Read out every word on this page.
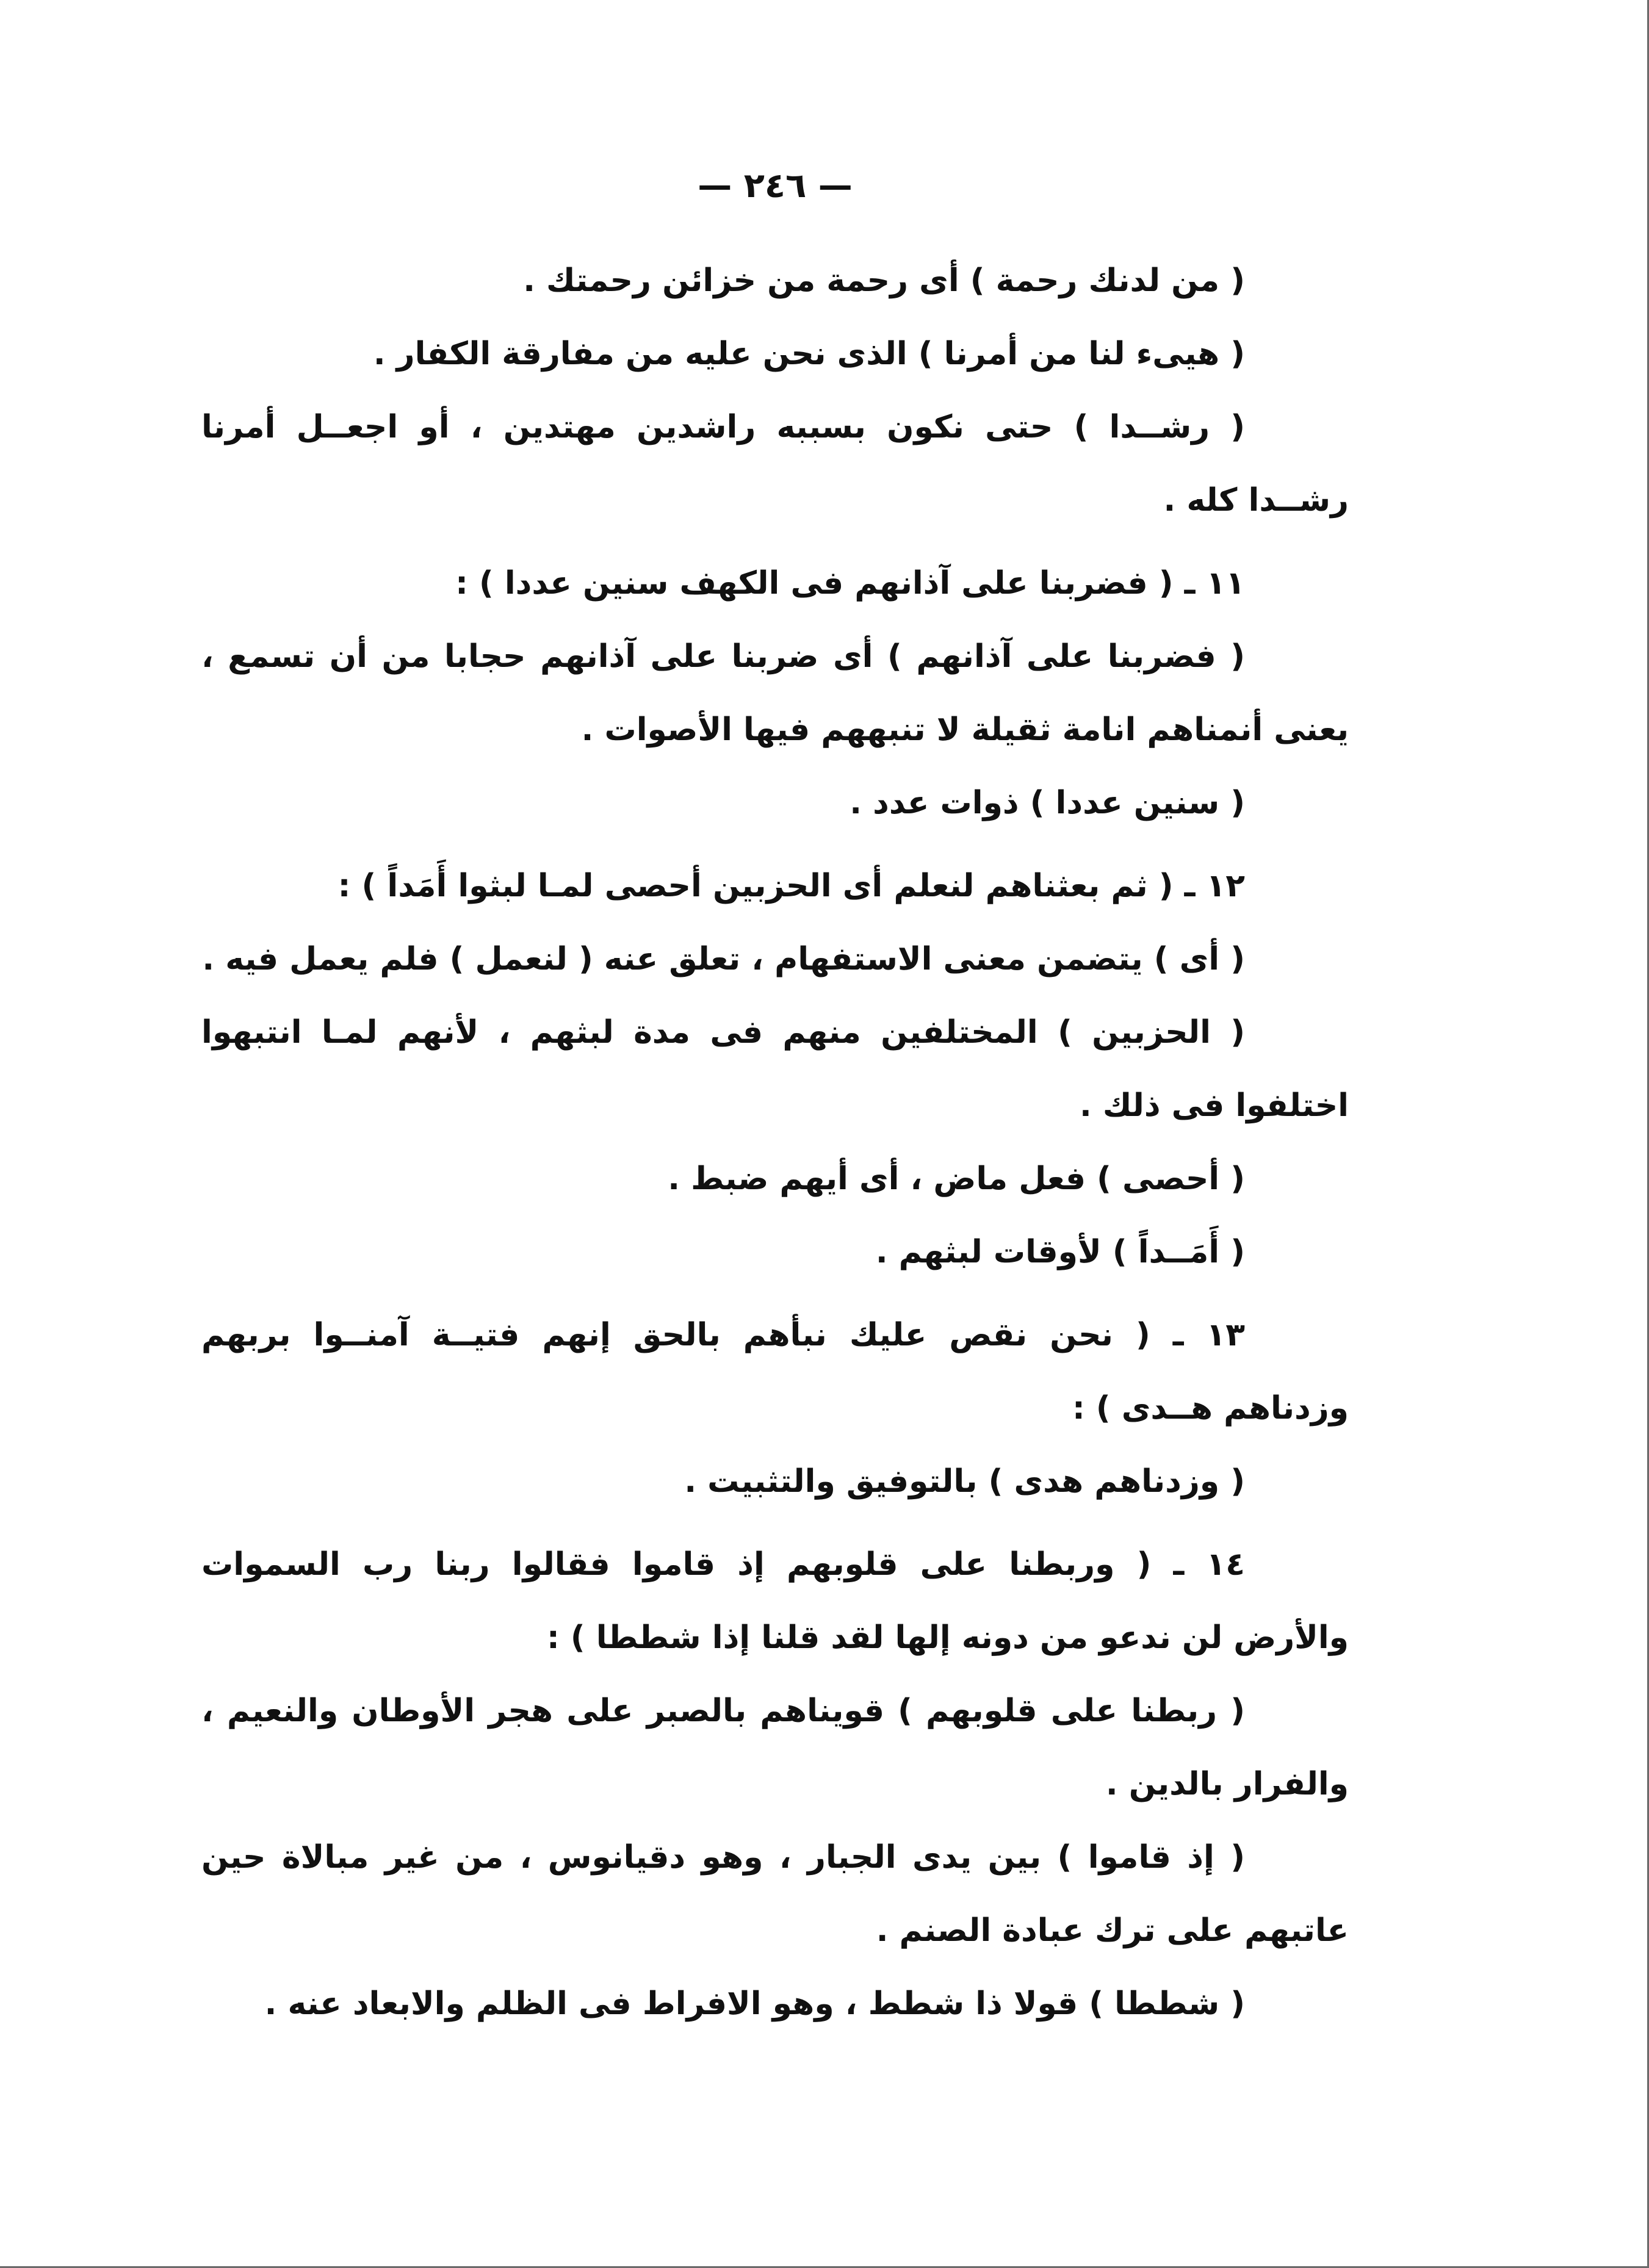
— ٢٤٦ —

( من لدنك رحمة ) أى رحمة من خزائن رحمتك .

( هيىء لنا من أمرنا ) الذى نحن عليه من مفارقة الكفار .

( رشــدا ) حتى نكون بسببه راشدين مهتدين ، أو اجعــل أمرنا رشــدا كله .

١١ ـ ( فضربنا على آذانهم فى الكهف سنين عددا ) :

( فضربنا على آذانهم ) أى ضربنا على آذانهم حجابا من أن تسمع ، يعنى أنمناهم انامة ثقيلة لا تنبههم فيها الأصوات .

( سنين عددا ) ذوات عدد .

١٢ ـ ( ثم بعثناهم لنعلم أى الحزبين أحصى لمـا لبثوا أَمَداً ) :

( أى ) يتضمن معنى الاستفهام ، تعلق عنه ( لنعمل ) فلم يعمل فيه .

( الحزبين ) المختلفين منهم فى مدة لبثهم ، لأنهم لمـا انتبهوا اختلفوا فى ذلك .

( أحصى ) فعل ماض ، أى أيهم ضبط .

( أَمَــداً ) لأوقات لبثهم .

١٣ ـ ( نحن نقص عليك نبأهم بالحق إنهم فتيــة آمنــوا بربهم وزدناهم هــدى ) :

( وزدناهم هدى ) بالتوفيق والتثبيت .

١٤ ـ ( وربطنا على قلوبهم إذ قاموا فقالوا ربنا رب السموات والأرض لن ندعو من دونه إلها لقد قلنا إذا شططا ) :

( ربطنا على قلوبهم ) قويناهم بالصبر على هجر الأوطان والنعيم ، والفرار بالدين .

( إذ قاموا ) بين يدى الجبار ، وهو دقيانوس ، من غير مبالاة حين عاتبهم على ترك عبادة الصنم .

( شططا ) قولا ذا شطط ، وهو الافراط فى الظلم والابعاد عنه .
